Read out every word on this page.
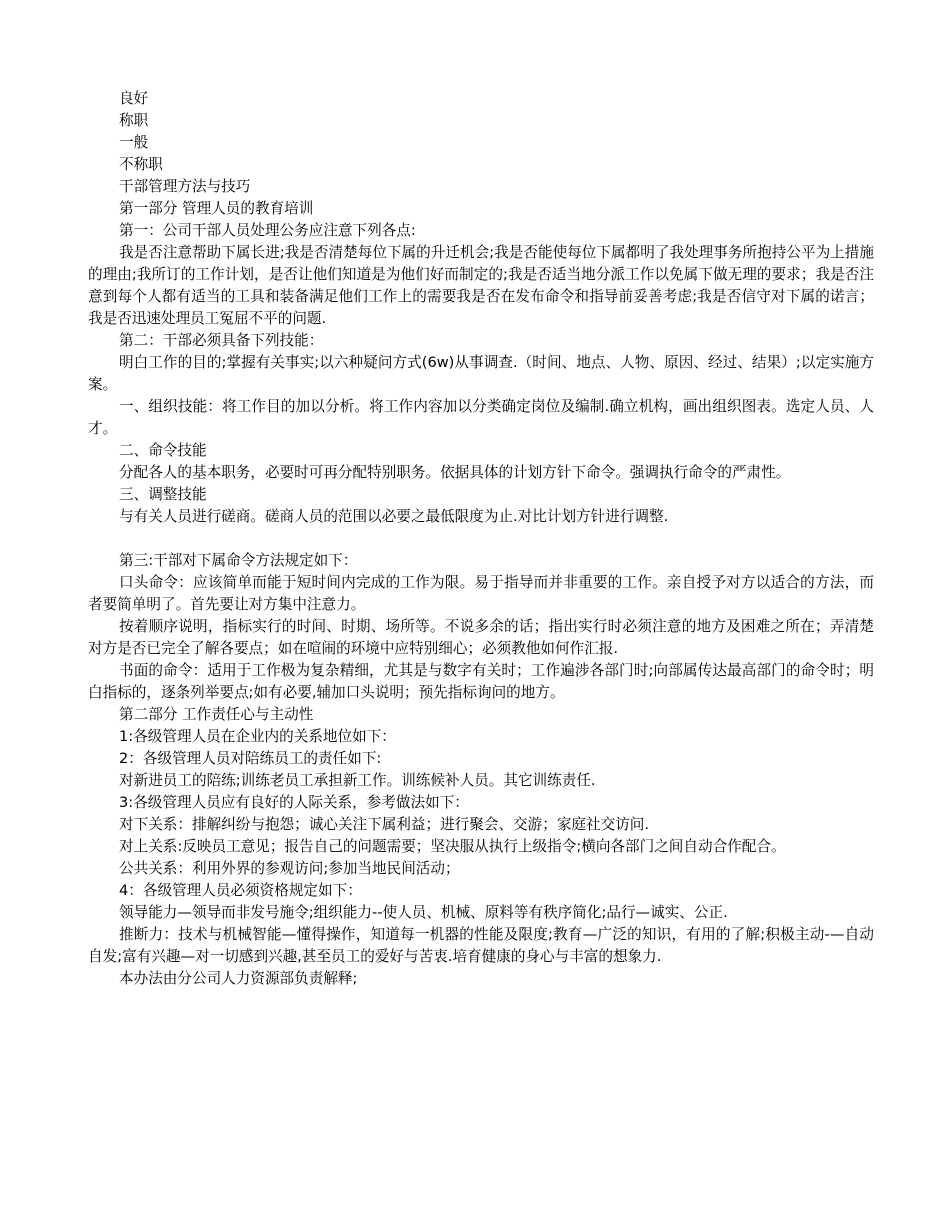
良好

称职

一般

不称职

干部管理方法与技巧

第一部分 管理人员的教育培训

第一：公司干部人员处理公务应注意下列各点:

我是否注意帮助下属长进;我是否清楚每位下属的升迁机会;我是否能使每位下属都明了我处理事务所抱持公平为上措施的理由;我所订的工作计划，是否让他们知道是为他们好而制定的;我是否适当地分派工作以免属下做无理的要求；我是否注意到每个人都有适当的工具和装备满足他们工作上的需要我是否在发布命令和指导前妥善考虑;我是否信守对下属的诺言；我是否迅速处理员工冤屈不平的问题.

第二：干部必须具备下列技能：

明白工作的目的;掌握有关事实;以六种疑问方式(6w)从事调查.（时间、地点、人物、原因、经过、结果）;以定实施方案。

一、组织技能：将工作目的加以分析。将工作内容加以分类确定岗位及编制.确立机构，画出组织图表。选定人员、人才。

二、命令技能

分配各人的基本职务，必要时可再分配特别职务。依据具体的计划方针下命令。强调执行命令的严肃性。

三、调整技能

与有关人员进行磋商。磋商人员的范围以必要之最低限度为止.对比计划方针进行调整.

第三:干部对下属命令方法规定如下：

口头命令：应该简单而能于短时间内完成的工作为限。易于指导而并非重要的工作。亲自授予对方以适合的方法，而者要简单明了。首先要让对方集中注意力。

按着顺序说明，指标实行的时间、时期、场所等。不说多余的话；指出实行时必须注意的地方及困难之所在；弄清楚对方是否已完全了解各要点；如在喧闹的环境中应特别细心；必须教他如何作汇报.

书面的命令：适用于工作极为复杂精细，尤其是与数字有关时；工作遍涉各部门时;向部属传达最高部门的命令时；明白指标的，逐条列举要点;如有必要,辅加口头说明；预先指标询问的地方。

第二部分 工作责任心与主动性

1:各级管理人员在企业内的关系地位如下：

2：各级管理人员对陪练员工的责任如下:

对新进员工的陪练;训练老员工承担新工作。训练候补人员。其它训练责任.

3:各级管理人员应有良好的人际关系，参考做法如下：

对下关系：排解纠纷与抱怨；诚心关注下属利益；进行聚会、交游；家庭社交访问.

对上关系:反映员工意见；报告自己的问题需要；坚决服从执行上级指令;横向各部门之间自动合作配合。

公共关系：利用外界的参观访问;参加当地民间活动；

4：各级管理人员必须资格规定如下：

领导能力—领导而非发号施令;组织能力--使人员、机械、原料等有秩序简化;品行—诚实、公正.

推断力：技术与机械智能—懂得操作，知道每一机器的性能及限度;教育—广泛的知识，有用的了解;积极主动-—自动自发;富有兴趣—对一切感到兴趣,甚至员工的爱好与苦衷.培育健康的身心与丰富的想象力.

本办法由分公司人力资源部负责解释;
